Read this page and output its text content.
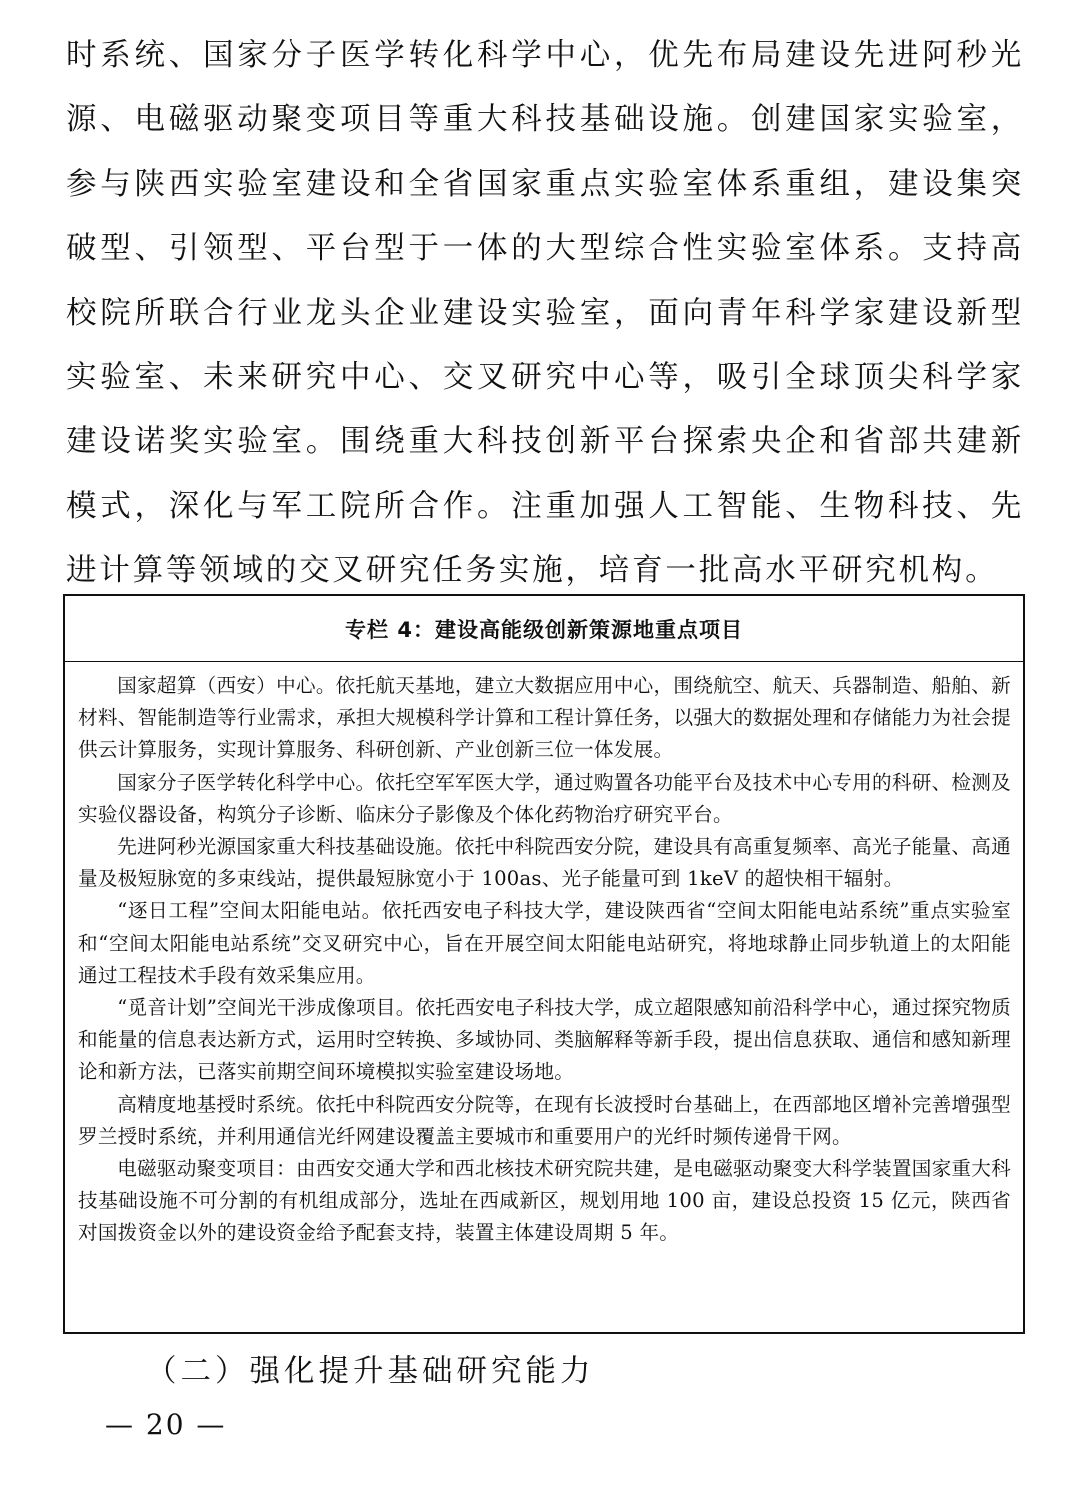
时系统、国家分子医学转化科学中心，优先布局建设先进阿秒光源、电磁驱动聚变项目等重大科技基础设施。创建国家实验室，参与陕西实验室建设和全省国家重点实验室体系重组，建设集突破型、引领型、平台型于一体的大型综合性实验室体系。支持高校院所联合行业龙头企业建设实验室，面向青年科学家建设新型实验室、未来研究中心、交叉研究中心等，吸引全球顶尖科学家建设诺奖实验室。围绕重大科技创新平台探索央企和省部共建新模式，深化与军工院所合作。注重加强人工智能、生物科技、先进计算等领域的交叉研究任务实施，培育一批高水平研究机构。

专栏 4：建设高能级创新策源地重点项目

国家超算（西安）中心。依托航天基地，建立大数据应用中心，围绕航空、航天、兵器制造、船舶、新材料、智能制造等行业需求，承担大规模科学计算和工程计算任务，以强大的数据处理和存储能力为社会提供云计算服务，实现计算服务、科研创新、产业创新三位一体发展。

国家分子医学转化科学中心。依托空军军医大学，通过购置各功能平台及技术中心专用的科研、检测及实验仪器设备，构筑分子诊断、临床分子影像及个体化药物治疗研究平台。

先进阿秒光源国家重大科技基础设施。依托中科院西安分院，建设具有高重复频率、高光子能量、高通量及极短脉宽的多束线站，提供最短脉宽小于 100as、光子能量可到 1keV 的超快相干辐射。

“逐日工程”空间太阳能电站。依托西安电子科技大学，建设陕西省“空间太阳能电站系统”重点实验室和“空间太阳能电站系统”交叉研究中心，旨在开展空间太阳能电站研究，将地球静止同步轨道上的太阳能通过工程技术手段有效采集应用。

“觅音计划”空间光干涉成像项目。依托西安电子科技大学，成立超限感知前沿科学中心，通过探究物质和能量的信息表达新方式，运用时空转换、多域协同、类脑解释等新手段，提出信息获取、通信和感知新理论和新方法，已落实前期空间环境模拟实验室建设场地。

高精度地基授时系统。依托中科院西安分院等，在现有长波授时台基础上，在西部地区增补完善增强型罗兰授时系统，并利用通信光纤网建设覆盖主要城市和重要用户的光纤时频传递骨干网。

电磁驱动聚变项目：由西安交通大学和西北核技术研究院共建，是电磁驱动聚变大科学装置国家重大科技基础设施不可分割的有机组成部分，选址在西咸新区，规划用地 100 亩，建设总投资 15 亿元，陕西省对国拨资金以外的建设资金给予配套支持，装置主体建设周期 5 年。

（二）强化提升基础研究能力
— 20 —
